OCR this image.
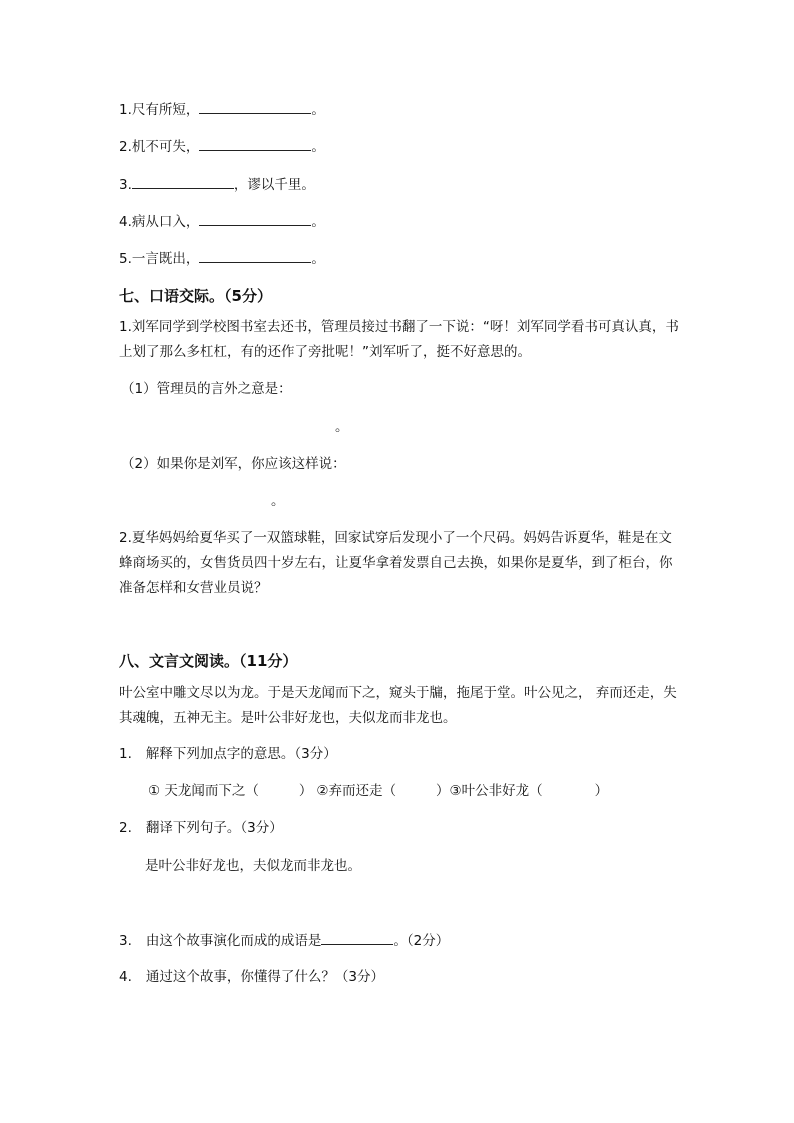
1.尺有所短，	。
2.机不可失，	。
3.	，谬以千里。
4.病从口入，	。
5.一言既出，	。
七、口语交际。（5分）
1.刘军同学到学校图书室去还书，管理员接过书翻了一下说：“呀！刘军同学看书可真认真，书上划了那么多杠杠，有的还作了旁批呢！”刘军听了，挺不好意思的。
（1）管理员的言外之意是：
。
（2）如果你是刘军，你应该这样说：
。
2.夏华妈妈给夏华买了一双篮球鞋，回家试穿后发现小了一个尺码。妈妈告诉夏华，鞋是在文蜂商场买的，女售货员四十岁左右，让夏华拿着发票自己去换，如果你是夏华，到了柜台，你准备怎样和女营业员说？
八、文言文阅读。（11分）
叶公室中雕文尽以为龙。于是天龙闻而下之，窥头于牖，拖尾于堂。叶公见之， 弃而还走，失其魂魄，五神无主。是叶公非好龙也，夫似龙而非龙也。
1. 解释下列加点字的意思。（3分）
① 天龙闻而下之（	） ②弃而还走（	）③叶公非好龙（	）
2. 翻译下列句子。（3分）
是叶公非好龙也，夫似龙而非龙也。
3. 由这个故事演化而成的成语是	。（2分）
4. 通过这个故事，你懂得了什么？（3分）
